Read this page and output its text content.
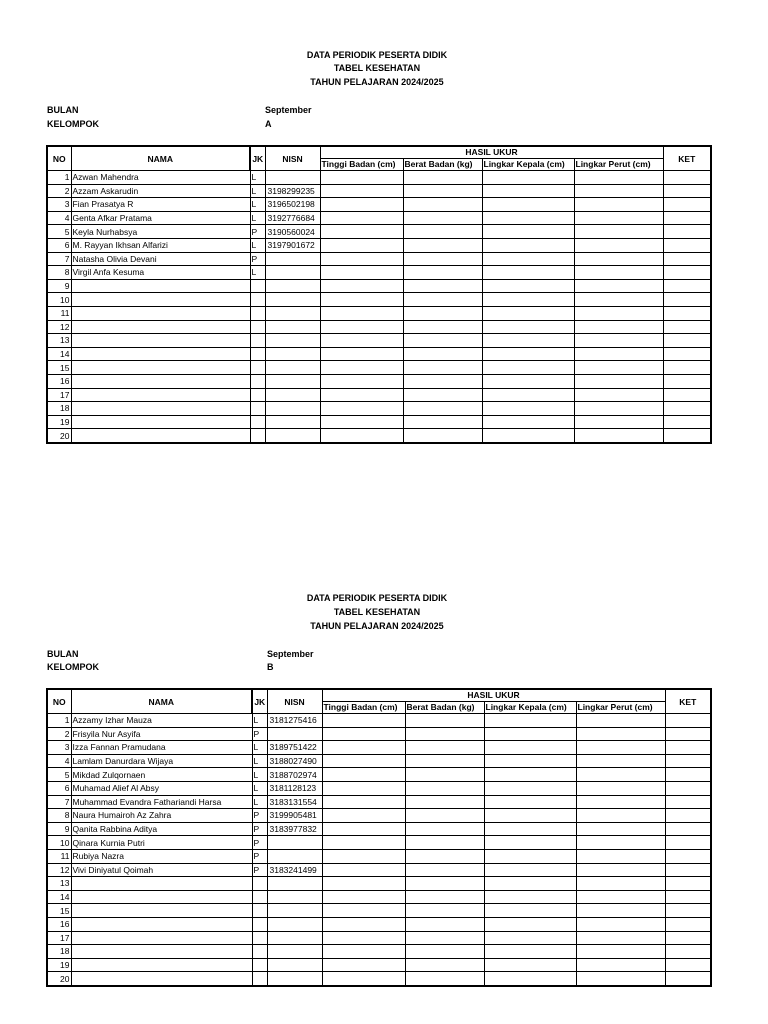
DATA PERIODIK PESERTA DIDIK
TABEL KESEHATAN
TAHUN PELAJARAN 2024/2025
BULAN	September
KELOMPOK	A
NO	NAMA	JK	NISN	HASIL UKUR				KET
				Tinggi Badan (cm)	Berat Badan (kg)	Lingkar Kepala (cm)	Lingkar Perut (cm)	
1	Azwan Mahendra	L						
2	Azzam Askarudin	L	3198299235					
3	Fian Prasatya R	L	3196502198					
4	Genta Afkar Pratama	L	3192776684					
5	Keyla Nurhabsya	P	3190560024					
6	M. Rayyan Ikhsan Alfarizi	L	3197901672					
7	Natasha Olivia Devani	P						
8	Virgil Anfa Kesuma	L						
9								
10								
11								
12								
13								
14								
15								
16								
17								
18								
19								
20								
DATA PERIODIK PESERTA DIDIK
TABEL KESEHATAN
TAHUN PELAJARAN 2024/2025
BULAN	September
KELOMPOK	B
NO	NAMA	JK	NISN	HASIL UKUR				KET
				Tinggi Badan (cm)	Berat Badan (kg)	Lingkar Kepala (cm)	Lingkar Perut (cm)	
1	Azzamy Izhar Mauza	L	3181275416					
2	Frisyila Nur Asyifa	P						
3	Izza Fannan Pramudana	L	3189751422					
4	Lamlam Danurdara Wijaya	L	3188027490					
5	Mikdad Zulqornaen	L	3188702974					
6	Muhamad Alief Al Absy	L	3181128123					
7	Muhammad Evandra Fathariandi Harsa	L	3183131554					
8	Naura Humairoh Az Zahra	P	3199905481					
9	Qanita Rabbina Aditya	P	3183977832					
10	Qinara Kurnia Putri	P						
11	Rubiya Nazra	P						
12	Vivi Diniyatul Qoimah	P	3183241499					
13								
14								
15								
16								
17								
18								
19								
20								
